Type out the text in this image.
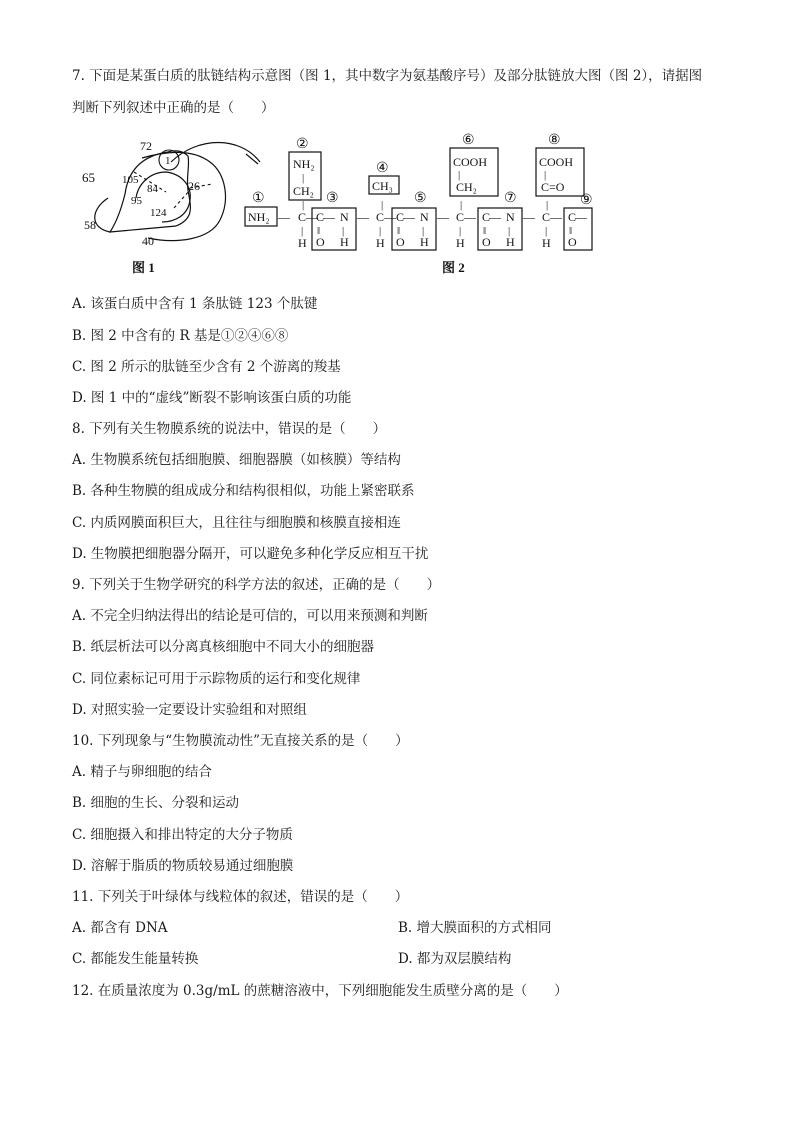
7. 下面是某蛋白质的肽链结构示意图（图 1，其中数字为氨基酸序号）及部分肽链放大图（图 2），请据图
判断下列叙述中正确的是（　　）
72
65
1
105
84	26
95
124
58
40
图 1
①
②
③
④
⑤
⑥
⑦
⑧
⑨
NH₂ —
NH₂
|
CH₂
|
C
|
H
—
C
— N
‖ |
O H
—
CH₃
|
C
|
H
— C
— N
‖ |
O H
—
COOH
|
CH₂
|
C
|
H
— C
— N
‖ |
O H
—
COOH
|
C=O
|
C
|
H
— C
—
‖
O
图 2
A. 该蛋白质中含有 1 条肽链 123 个肽键
B. 图 2 中含有的 R 基是①②④⑥⑧
C. 图 2 所示的肽链至少含有 2 个游离的羧基
D. 图 1 中的“虚线”断裂不影响该蛋白质的功能
8. 下列有关生物膜系统的说法中，错误的是（　　）
A. 生物膜系统包括细胞膜、细胞器膜（如核膜）等结构
B. 各种生物膜的组成成分和结构很相似，功能上紧密联系
C. 内质网膜面积巨大，且往往与细胞膜和核膜直接相连
D. 生物膜把细胞器分隔开，可以避免多种化学反应相互干扰
9. 下列关于生物学研究的科学方法的叙述，正确的是（　　）
A. 不完全归纳法得出的结论是可信的，可以用来预测和判断
B. 纸层析法可以分离真核细胞中不同大小的细胞器
C. 同位素标记可用于示踪物质的运行和变化规律
D. 对照实验一定要设计实验组和对照组
10. 下列现象与“生物膜流动性”无直接关系的是（　　）
A. 精子与卵细胞的结合
B. 细胞的生长、分裂和运动
C. 细胞摄入和排出特定的大分子物质
D. 溶解于脂质的物质较易通过细胞膜
11. 下列关于叶绿体与线粒体的叙述，错误的是（　　）
A. 都含有 DNA	B. 增大膜面积的方式相同
C. 都能发生能量转换	D. 都为双层膜结构
12. 在质量浓度为 0.3g/mL 的蔗糖溶液中，下列细胞能发生质壁分离的是（　　）
